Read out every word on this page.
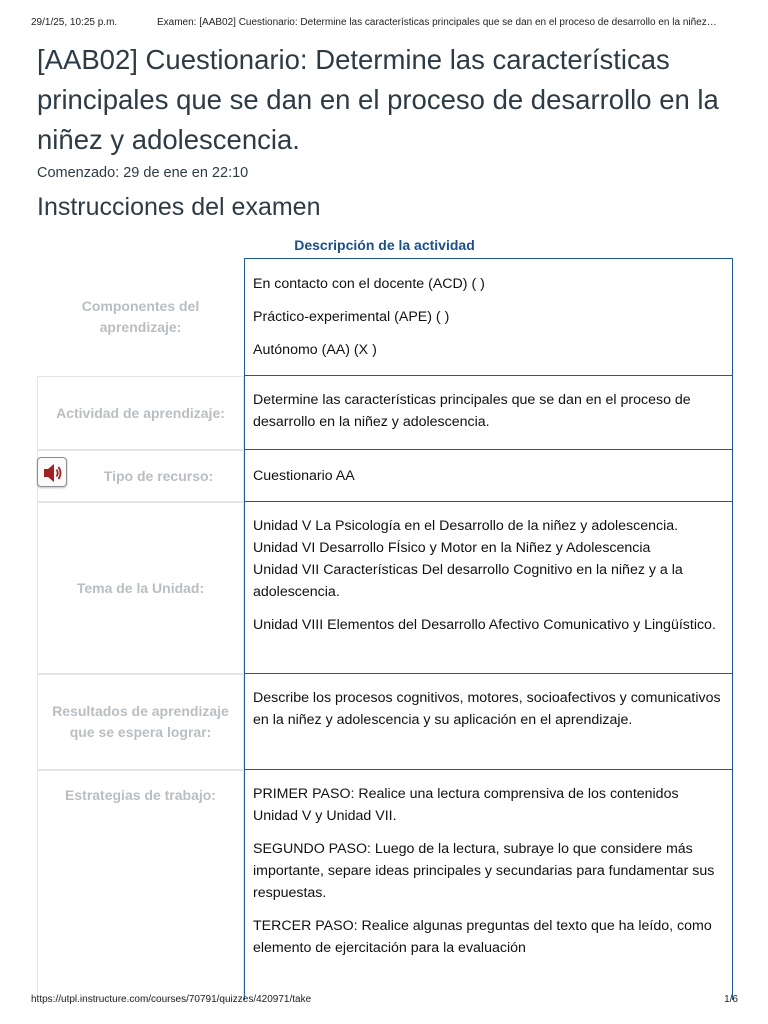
29/1/25, 10:25 p.m.	Examen: [AAB02] Cuestionario: Determine las características principales que se dan en el proceso de desarrollo en la niñez…
[AAB02] Cuestionario: Determine las características principales que se dan en el proceso de desarrollo en la niñez y adolescencia.
Comenzado: 29 de ene en 22:10
Instrucciones del examen
Descripción de la actividad
Componentes del aprendizaje:

En contacto con el docente (ACD) ( )

Práctico-experimental (APE) ( )

Autónomo (AA) (X )

Actividad de aprendizaje:

Determine las características principales que se dan en el proceso de desarrollo en la niñez y adolescencia.

Tipo de recurso:	Cuestionario AA

Tema de la Unidad:

Unidad V La Psicología en el Desarrollo de la niñez y adolescencia.

Unidad VI Desarrollo FÍsico y Motor en la Niñez y Adolescencia

Unidad VII Características Del desarrollo Cognitivo en la niñez y a la adolescencia.

Unidad VIII Elementos del Desarrollo Afectivo Comunicativo y Lingüístico.

Resultados de aprendizaje que se espera lograr:

Describe los procesos cognitivos, motores, socioafectivos y comunicativos en la niñez y adolescencia y su aplicación en el aprendizaje.

Estrategias de trabajo:	PRIMER PASO: Realice una lectura comprensiva de los contenidos Unidad V y Unidad VII.

SEGUNDO PASO: Luego de la lectura, subraye lo que considere más importante, separe ideas principales y secundarias para fundamentar sus respuestas.

TERCER PASO: Realice algunas preguntas del texto que ha leído, como elemento de ejercitación para la evaluación

https://utpl.instructure.com/courses/70791/quizzes/420971/take	1/6
